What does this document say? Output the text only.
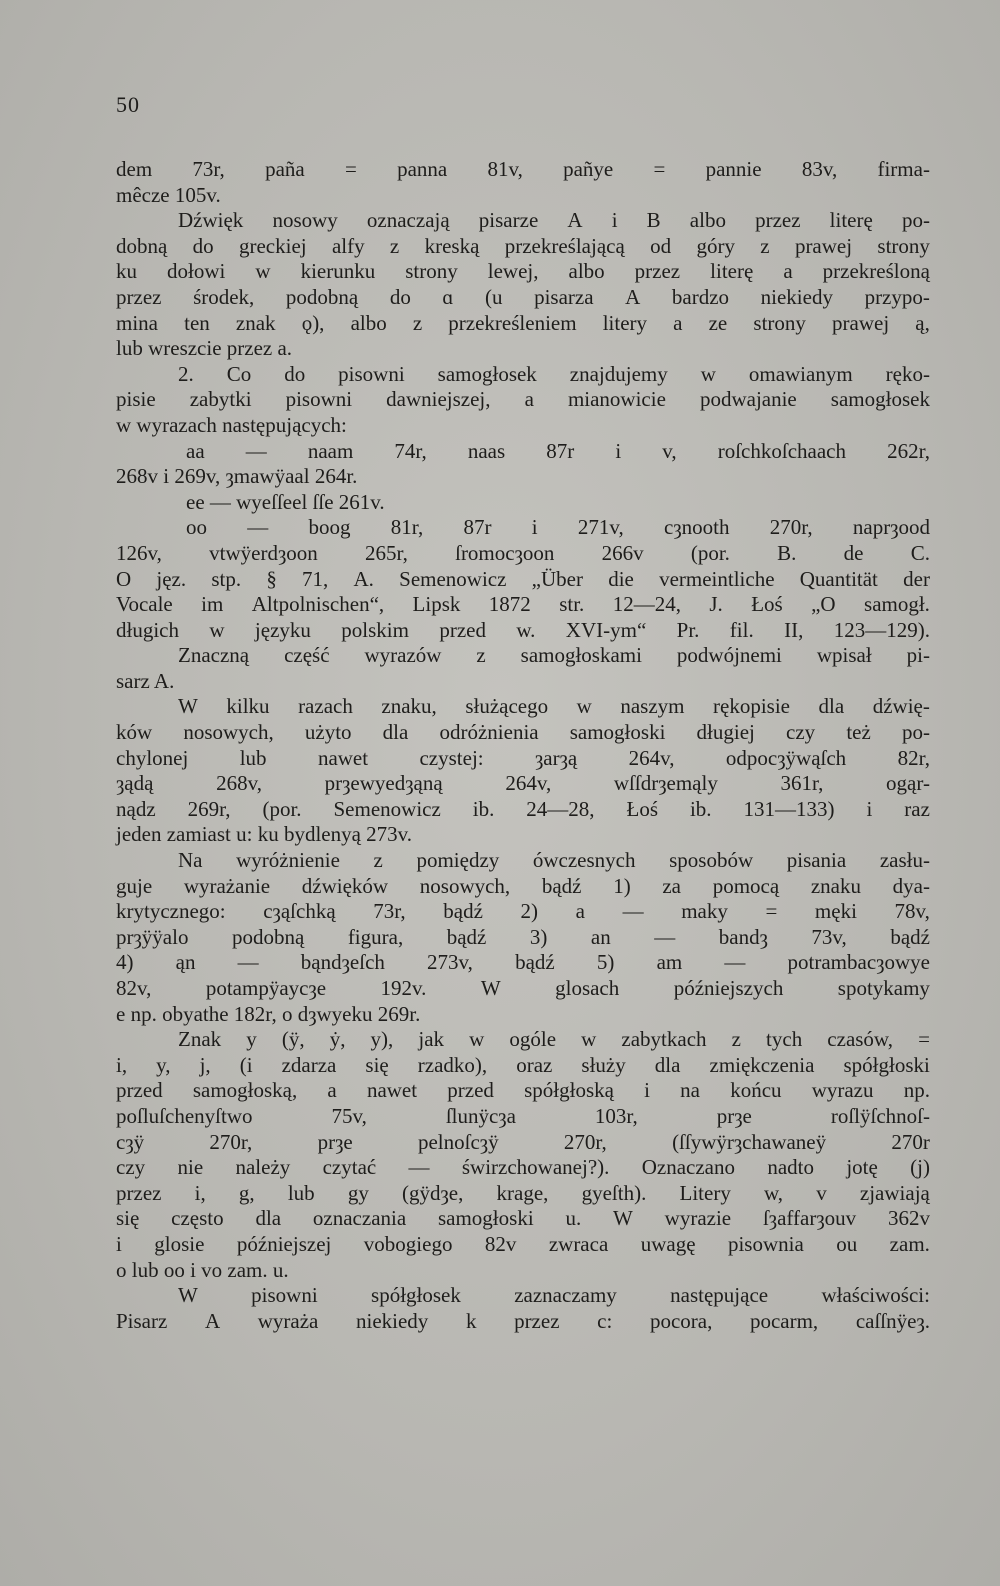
50
dem 73r, paña = panna 81v, pañye = pannie 83v, firma-
mêcze 105v.
Dźwięk nosowy oznaczają pisarze A i B albo przez literę po-
dobną do greckiej alfy z kreską przekreślającą od góry z prawej strony
ku dołowi w kierunku strony lewej, albo przez literę a przekreśloną
przez środek, podobną do ɑ (u pisarza A bardzo niekiedy przypo-
mina ten znak ǫ), albo z przekreśleniem litery a ze strony prawej ą,
lub wreszcie przez a.
2. Co do pisowni samogłosek znajdujemy w omawianym ręko-
pisie zabytki pisowni dawniejszej, a mianowicie podwajanie samogłosek
w wyrazach następujących:
aa — naam 74r, naas 87r i v, roſchkoſchaach 262r,
268v i 269v, ȝmawÿaal 264r.
ee — wyeſſeel ſſe 261v.
oo — boog 81r, 87r i 271v, cȝnooth 270r, naprȝood
126v, vtwÿerdȝoon 265r, ſromocȝoon 266v (por. B. de C.
O jęz. stp. § 71, A. Semenowicz „Über die vermeintliche Quantität der
Vocale im Altpolnischen“, Lipsk 1872 str. 12—24, J. Łoś „O samogł.
długich w języku polskim przed w. XVI-ym“ Pr. fil. II, 123—129).
Znaczną część wyrazów z samogłoskami podwójnemi wpisał pi-
sarz A.
W kilku razach znaku, służącego w naszym rękopisie dla dźwię-
ków nosowych, użyto dla odróżnienia samogłoski długiej czy też po-
chylonej lub nawet czystej: ȝarȝą 264v, odpocȝÿwąſch 82r,
ȝądą	268v,	prȝewyedȝąną	264v,	wſſdrȝemąly	361r,	ogąr-
nądz 269r, (por. Semenowicz ib. 24—28, Łoś ib. 131—133) i raz
jeden zamiast u: ku bydlenyą 273v.
Na wyróżnienie z pomiędzy ówczesnych sposobów pisania zasłu-
guje wyrażanie dźwięków nosowych, bądź 1) za pomocą znaku dya-
krytycznego: cȝąſchką 73r, bądź 2) a — maky = męki 78v,
prȝÿÿalo podobną figura, bądź 3) an — bandȝ 73v, bądź
4) ąn — bąndȝeſch 273v, bądź 5) am — potrambacȝowye
82v,	potampÿaycȝe	192v.	W	glosach	późniejszych	spotykamy
e np. obyathe 182r, o dȝwyeku 269r.
Znak y (ÿ, ẏ, y), jak w ogóle w zabytkach z tych czasów, =
i, y, j, (i zdarza się rzadko), oraz służy dla zmiękczenia spółgłoski
przed samogłoską, a nawet przed spółgłoską i na końcu wyrazu np.
poſluſchenyſtwo	75v,	ſlunÿcȝa	103r,	prȝe	roſlÿſchnoſ-
cȝÿ	270r,	prȝe	pelnoſcȝÿ	270r,	(ſſywÿrȝchawaneÿ	270r
czy nie należy czytać — świrzchowanej?). Oznaczano nadto jotę (j)
przez i, g, lub gy (gÿdȝe, krage, gyeſth). Litery w, v zjawiają
się często dla oznaczania samogłoski u. W wyrazie ſȝaffarȝouv 362v
i glosie późniejszej vobogiego 82v zwraca uwagę pisownia ou zam.
o lub oo i vo zam. u.
W	pisowni	spółgłosek	zaznaczamy	następujące	właściwości:
Pisarz A wyraża niekiedy k przez c: pocora, pocarm, caſſnÿeȝ.
